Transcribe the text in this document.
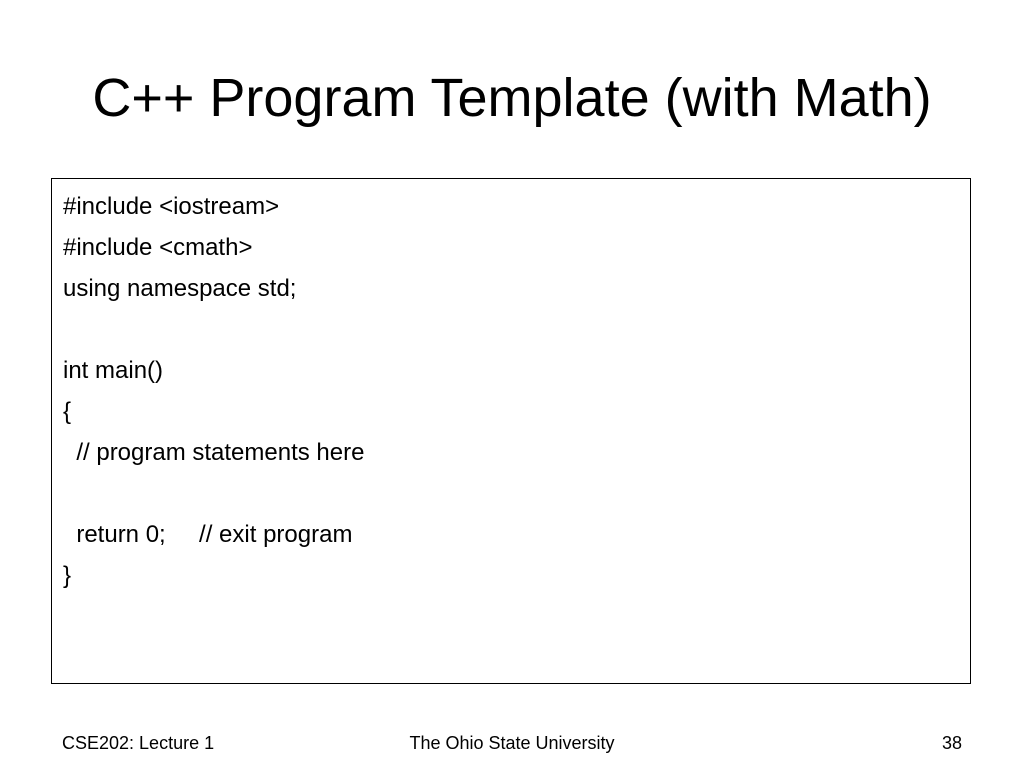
C++ Program Template (with Math)
#include <iostream>
#include <cmath>
using namespace std;
int main()
{
// program statements here
return 0;     // exit program
}
CSE202: Lecture 1	The Ohio State University	38
